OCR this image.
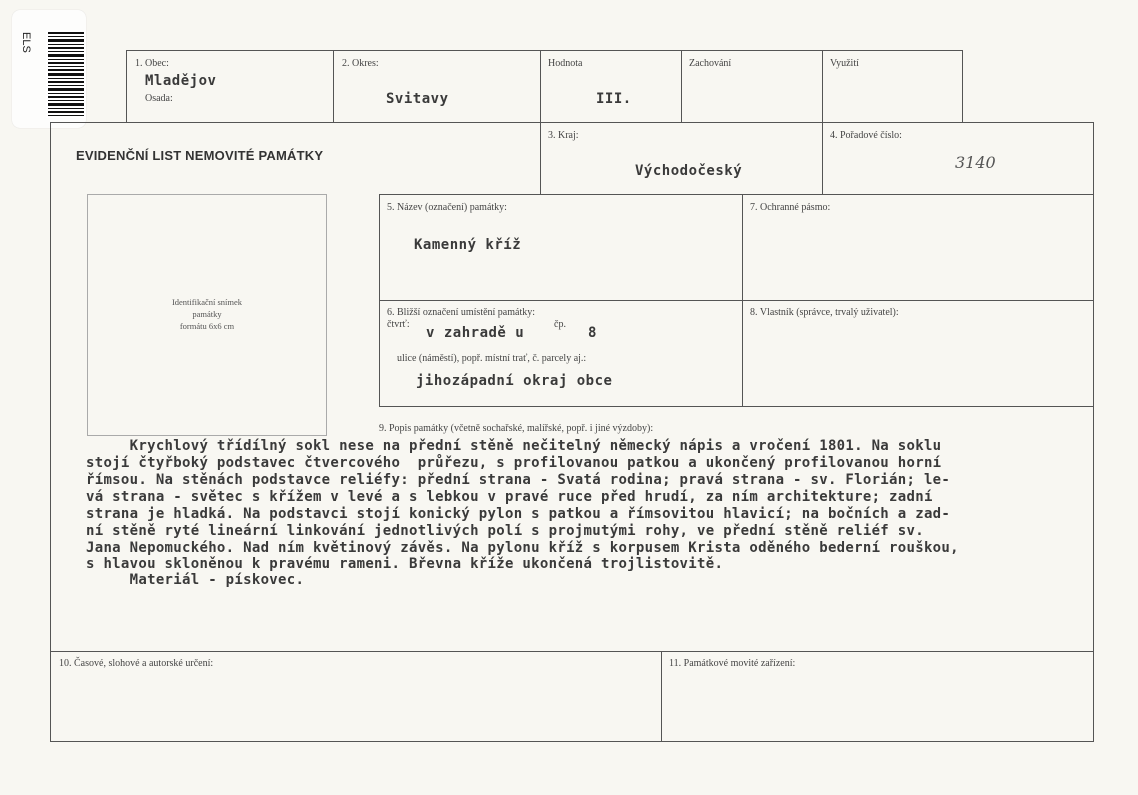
ELS
1. Obec:
Mladějov
Osada:
2. Okres:
Svitavy
Hodnota
III.
Zachování	Využití
EVIDENČNÍ LIST NEMOVITÉ PAMÁTKY
3. Kraj:
Východočeský
4. Pořadové číslo:
3140
Identifikační snímek
památky
formátu 6x6 cm
5. Název (označení) památky:
Kamenný kříž
7. Ochranné pásmo:
6. Bližší označení umístění památky:
čtvrť:
v zahradě u
čp.
8
ulice (náměstí), popř. místní trať, č. parcely aj.:
jihozápadní okraj obce
8. Vlastník (správce, trvalý uživatel):
9. Popis památky (včetně sochařské, malířské, popř. i jiné výzdoby):
Krychlový třídílný sokl nese na přední stěně nečitelný německý nápis a vročení 1801. Na soklu
stojí čtyřboký podstavec čtvercového  průřezu, s profilovanou patkou a ukončený profilovanou horní
římsou. Na stěnách podstavce reliéfy: přední strana - Svatá rodina; pravá strana - sv. Florián; le-
vá strana - světec s křížem v levé a s lebkou v pravé ruce před hrudí, za ním architekture; zadní
strana je hladká. Na podstavci stojí konický pylon s patkou a římsovitou hlavicí; na bočních a zad-
ní stěně ryté lineární linkování jednotlivých polí s projmutými rohy, ve přední stěně reliéf sv.
Jana Nepomuckého. Nad ním květinový závěs. Na pylonu kříž s korpusem Krista oděného bederní rouškou,
s hlavou skloněnou k pravému rameni. Břevna kříže ukončená trojlistovitě.
Materiál - pískovec.
10. Časové, slohové a autorské určení:	11. Památkové movité zařízení:
